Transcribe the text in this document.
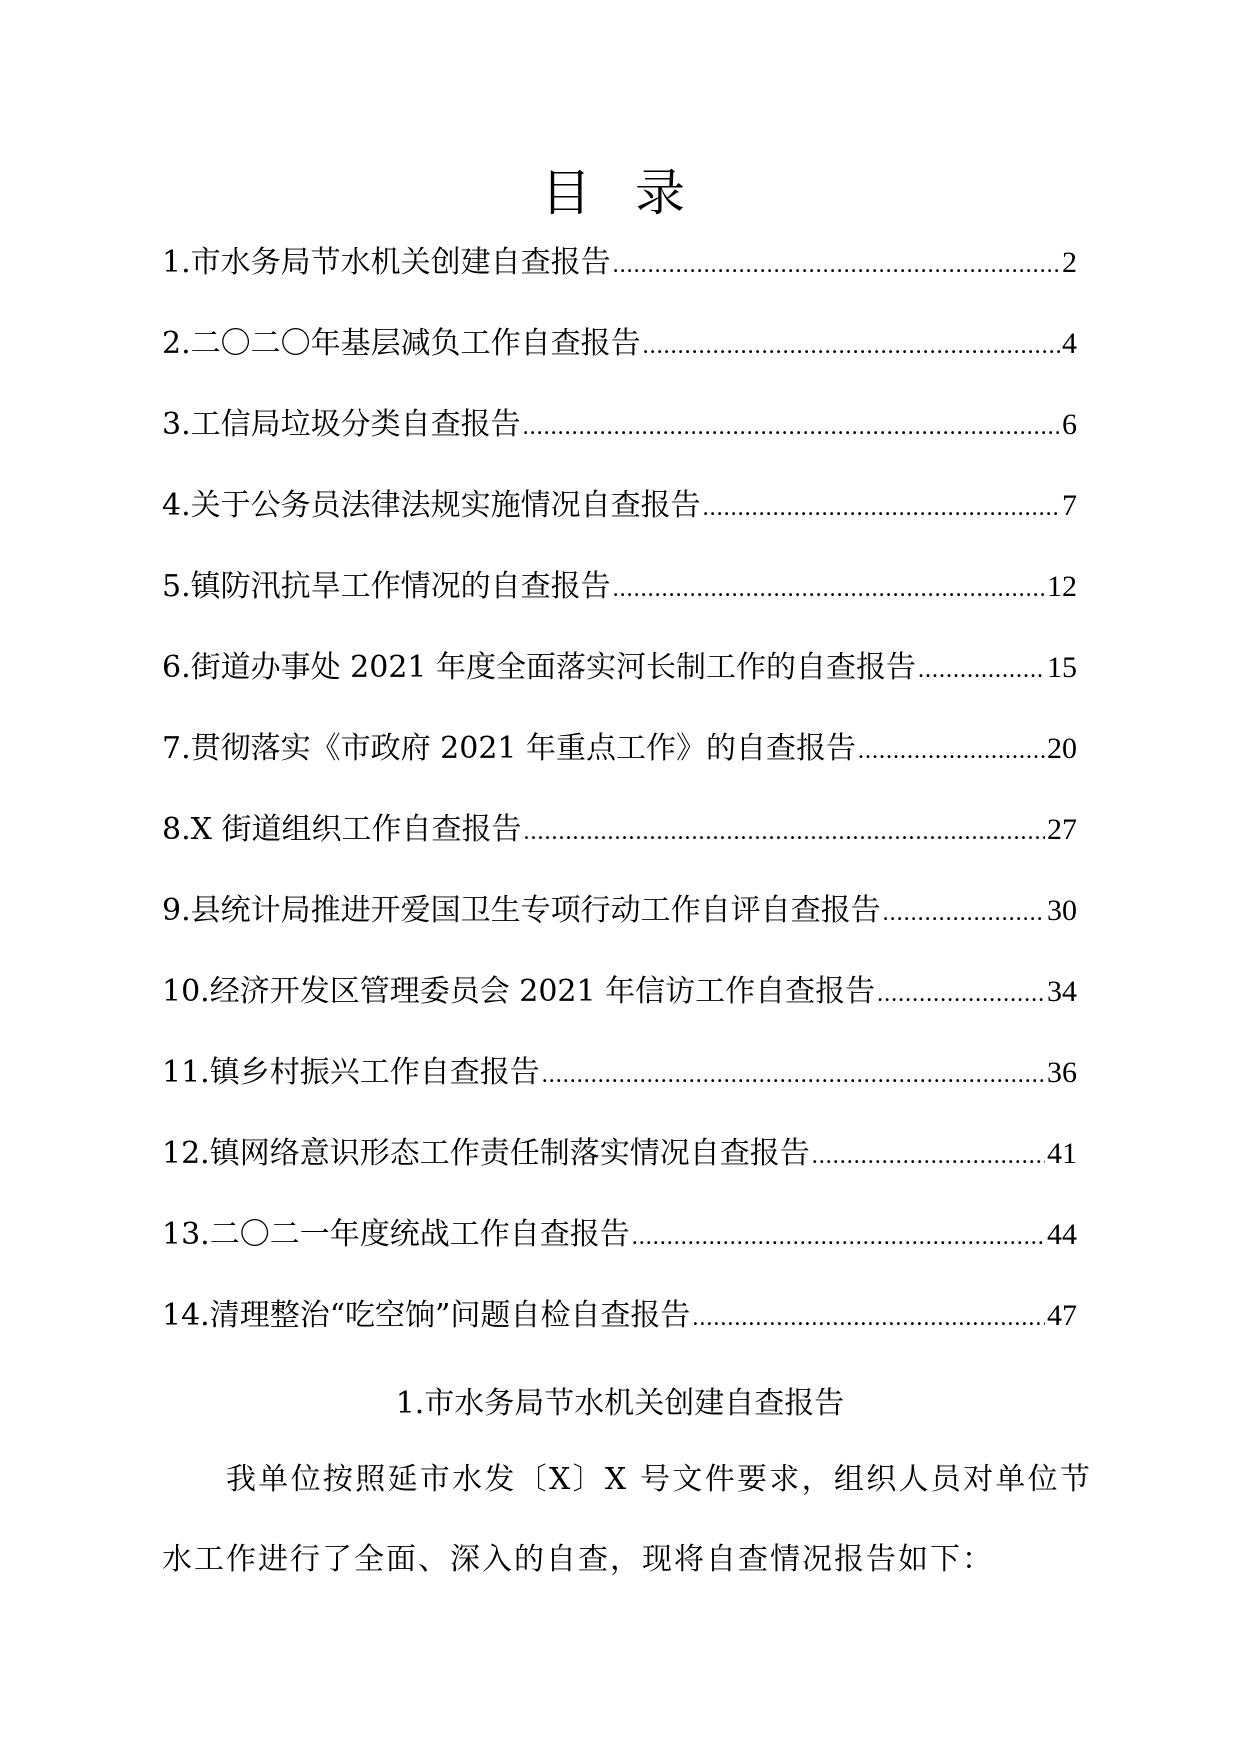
目 录
1.市水务局节水机关创建自查报告 .....	2
2.二〇二〇年基层减负工作自查报告 .....	4
3.工信局垃圾分类自查报告 .....	6
4.关于公务员法律法规实施情况自查报告 .....	7
5.镇防汛抗旱工作情况的自查报告 .....	12
6.街道办事处 2021 年度全面落实河长制工作的自查报告 .....	15
7.贯彻落实《市政府 2021 年重点工作》的自查报告 .....	20
8.X 街道组织工作自查报告 .....	27
9.县统计局推进开爱国卫生专项行动工作自评自查报告 .....	30
10.经济开发区管理委员会 2021 年信访工作自查报告 .....	34
11.镇乡村振兴工作自查报告 .....	36
12.镇网络意识形态工作责任制落实情况自查报告 .....	41
13.二〇二一年度统战工作自查报告 .....	44
14.清理整治“吃空饷”问题自检自查报告 .....	47
1.市水务局节水机关创建自查报告

我单位按照延市水发〔X〕X 号文件要求，组织人员对单位节水工作进行了全面、深入的自查，现将自查情况报告如下：
